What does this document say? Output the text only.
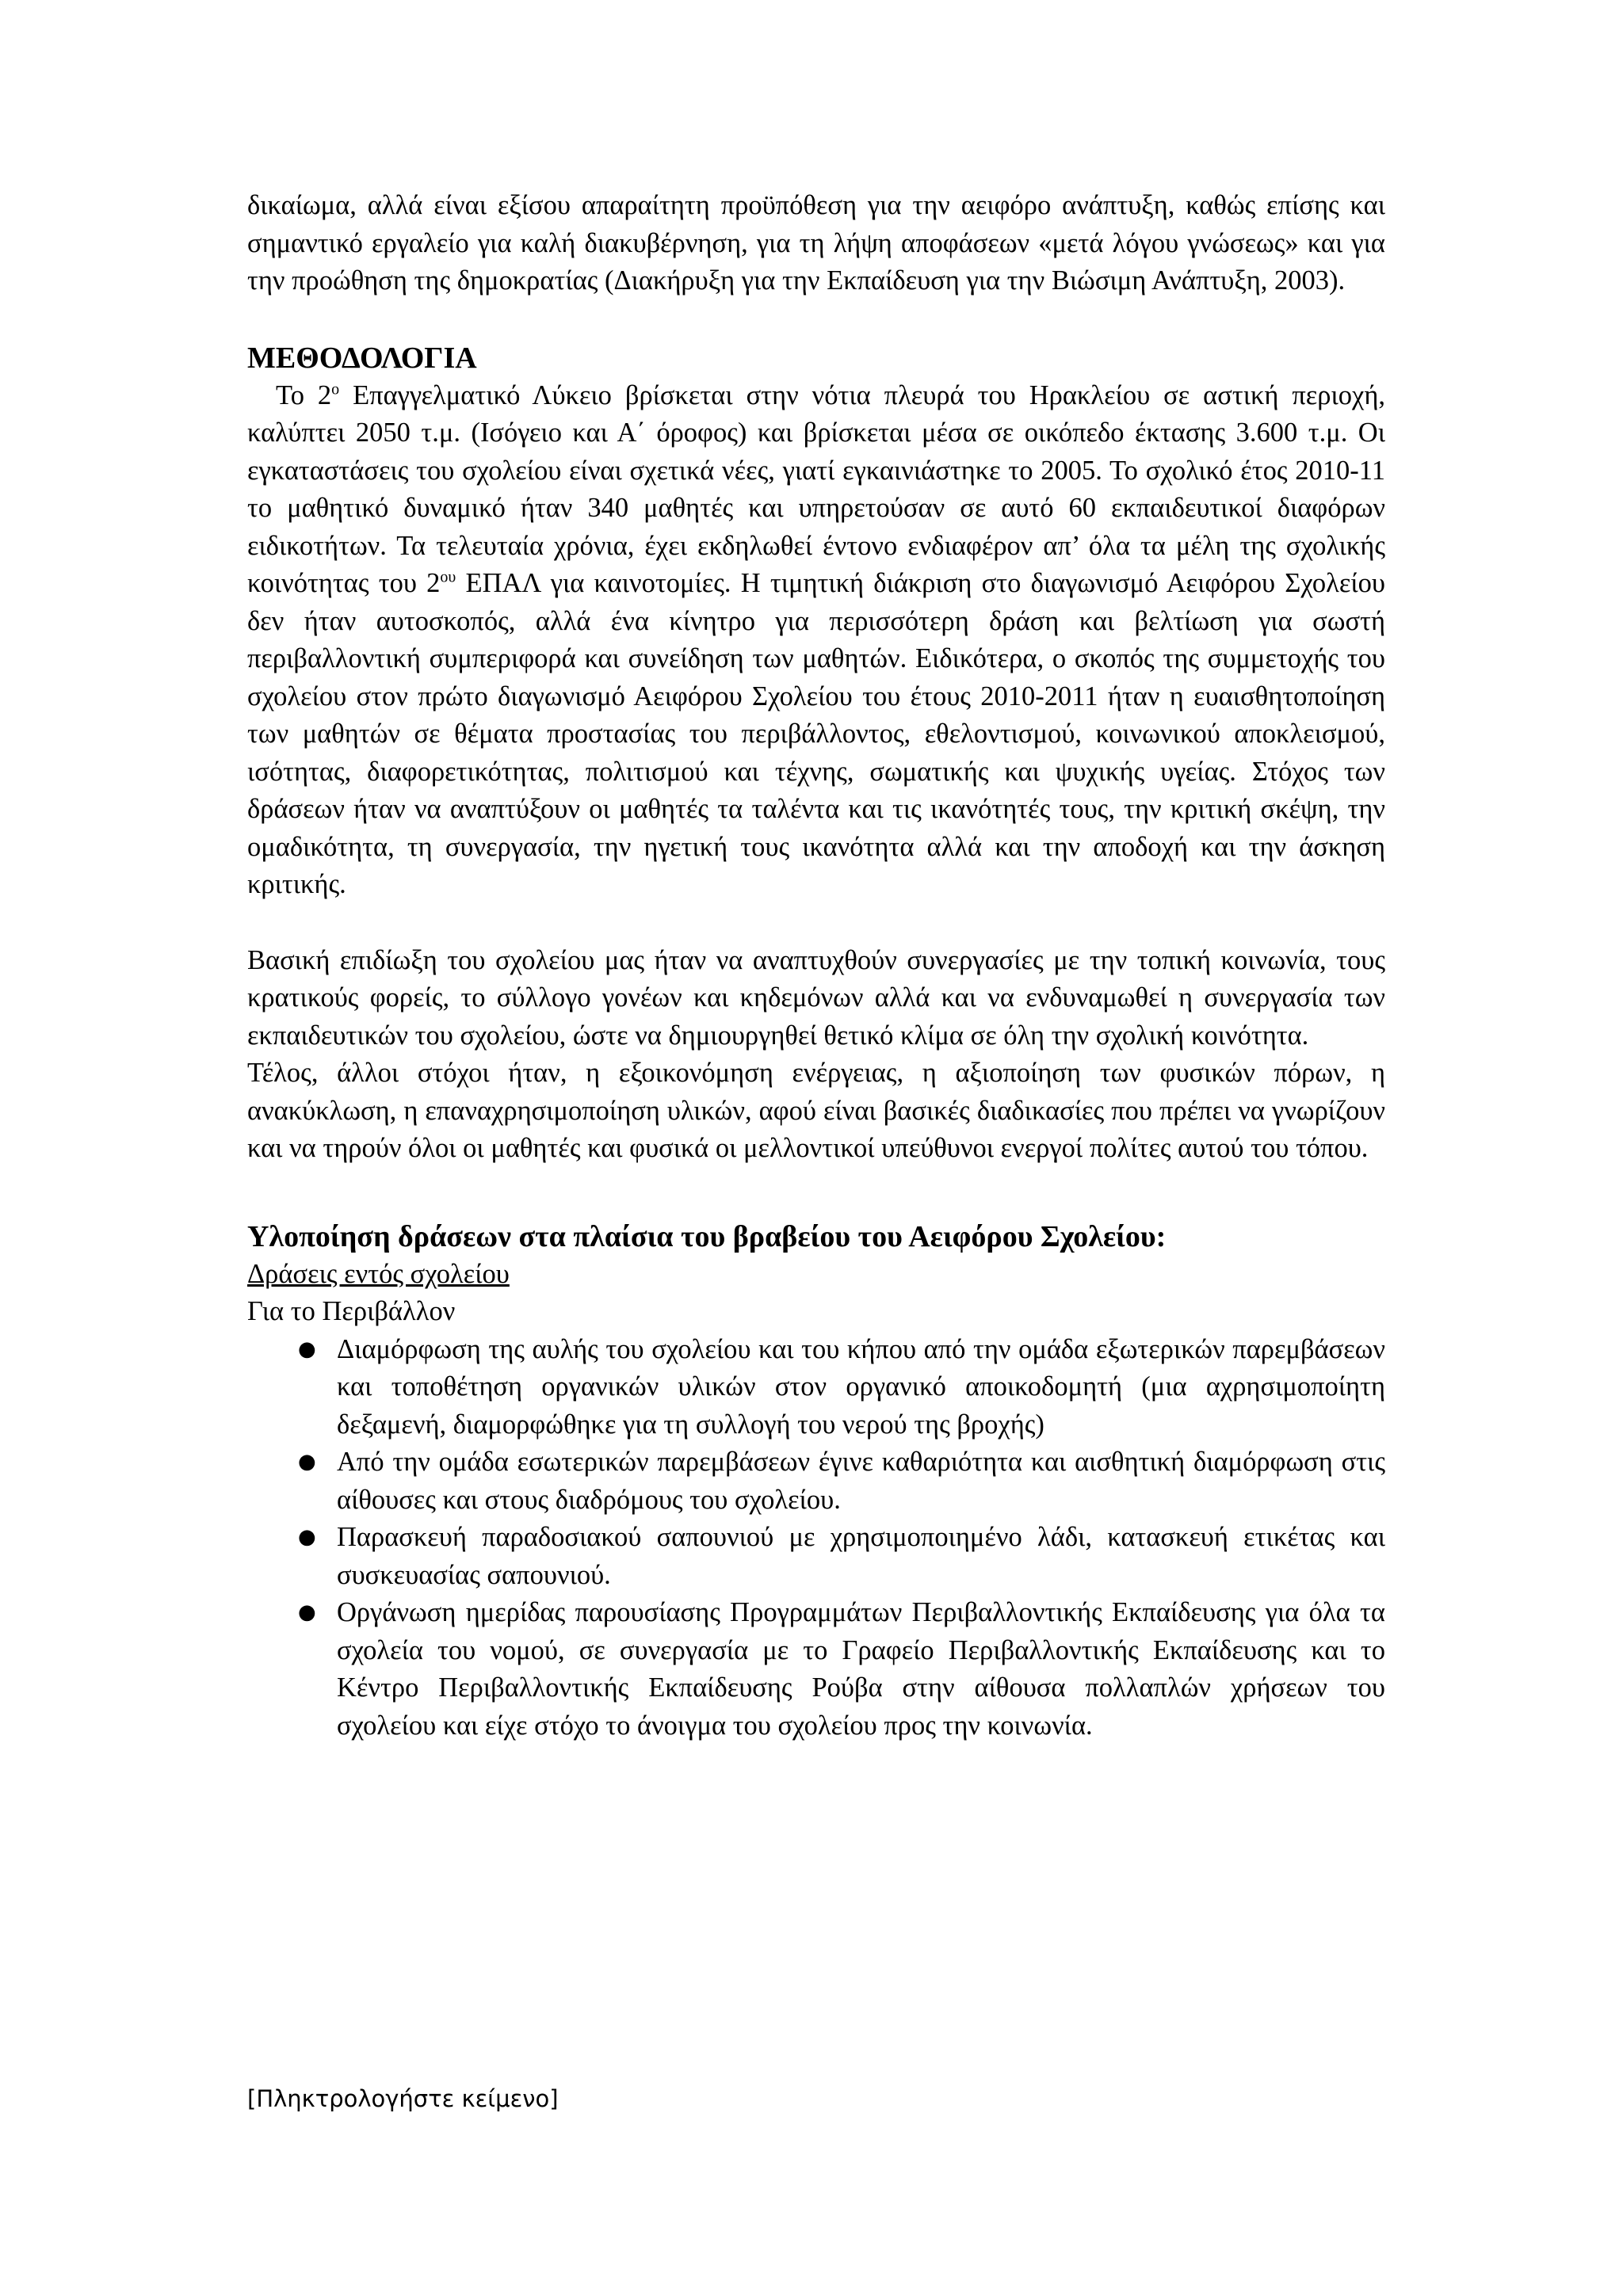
δικαίωμα, αλλά είναι εξίσου απαραίτητη προϋπόθεση για την αειφόρο ανάπτυξη, καθώς επίσης και σημαντικό εργαλείο για καλή διακυβέρνηση, για τη λήψη αποφάσεων «μετά λόγου γνώσεως» και για την προώθηση της δημοκρατίας (Διακήρυξη για την Εκπαίδευση για την Βιώσιμη Ανάπτυξη, 2003).

ΜΕΘΟΔΟΛΟΓΙΑ

Το $2^o$ Επαγγελματικό Λύκειο βρίσκεται στην νότια πλευρά του Ηρακλείου σε αστική περιοχή, καλύπτει 2050 τ.μ. (Ισόγειο και Α΄ όροφος) και βρίσκεται μέσα σε οικόπεδο έκτασης 3.600 τ.μ. Οι εγκαταστάσεις του σχολείου είναι σχετικά νέες, γιατί εγκαινιάστηκε το 2005. Το σχολικό έτος 2010-11 το μαθητικό δυναμικό ήταν 340 μαθητές και υπηρετούσαν σε αυτό 60 εκπαιδευτικοί διαφόρων ειδικοτήτων. Τα τελευταία χρόνια, έχει εκδηλωθεί έντονο ενδιαφέρον απ’ όλα τα μέλη της σχολικής κοινότητας του $2^{o\upsilon}$ ΕΠΑΛ για καινοτομίες. Η τιμητική διάκριση στο διαγωνισμό Αειφόρου Σχολείου δεν ήταν αυτοσκοπός, αλλά ένα κίνητρο για περισσότερη δράση και βελτίωση για σωστή περιβαλλοντική συμπεριφορά και συνείδηση των μαθητών. Ειδικότερα, ο σκοπός της συμμετοχής του σχολείου στον πρώτο διαγωνισμό Αειφόρου Σχολείου του έτους 2010-2011 ήταν η ευαισθητοποίηση των μαθητών σε θέματα προστασίας του περιβάλλοντος, εθελοντισμού, κοινωνικού αποκλεισμού, ισότητας, διαφορετικότητας, πολιτισμού και τέχνης, σωματικής και ψυχικής υγείας. Στόχος των δράσεων ήταν να αναπτύξουν οι μαθητές τα ταλέντα και τις ικανότητές τους, την κριτική σκέψη, την ομαδικότητα, τη συνεργασία, την ηγετική τους ικανότητα αλλά και την αποδοχή και την άσκηση κριτικής.

Βασική επιδίωξη του σχολείου μας ήταν να αναπτυχθούν συνεργασίες με την τοπική κοινωνία, τους κρατικούς φορείς, το σύλλογο γονέων και κηδεμόνων αλλά και να ενδυναμωθεί η συνεργασία των εκπαιδευτικών του σχολείου, ώστε να δημιουργηθεί θετικό κλίμα σε όλη την σχολική κοινότητα.

Τέλος, άλλοι στόχοι ήταν, η εξοικονόμηση ενέργειας, η αξιοποίηση των φυσικών πόρων, η ανακύκλωση, η επαναχρησιμοποίηση υλικών, αφού είναι βασικές διαδικασίες που πρέπει να γνωρίζουν και να τηρούν όλοι οι μαθητές και φυσικά οι μελλοντικοί υπεύθυνοι ενεργοί πολίτες αυτού του τόπου.

Υλοποίηση δράσεων στα πλαίσια του βραβείου του Αειφόρου Σχολείου:
Δράσεις εντός σχολείου
Για το Περιβάλλον
● Διαμόρφωση της αυλής του σχολείου και του κήπου από την ομάδα εξωτερικών παρεμβάσεων και τοποθέτηση οργανικών υλικών στον οργανικό αποικοδομητή (μια αχρησιμοποίητη δεξαμενή, διαμορφώθηκε για τη συλλογή του νερού της βροχής)
● Από την ομάδα εσωτερικών παρεμβάσεων έγινε καθαριότητα και αισθητική διαμόρφωση στις αίθουσες και στους διαδρόμους του σχολείου.
● Παρασκευή παραδοσιακού σαπουνιού με χρησιμοποιημένο λάδι, κατασκευή ετικέτας και συσκευασίας σαπουνιού.
● Οργάνωση ημερίδας παρουσίασης Προγραμμάτων Περιβαλλοντικής Εκπαίδευσης για όλα τα σχολεία του νομού, σε συνεργασία με το Γραφείο Περιβαλλοντικής Εκπαίδευσης και το Κέντρο Περιβαλλοντικής Εκπαίδευσης Ρούβα στην αίθουσα πολλαπλών χρήσεων του σχολείου και είχε στόχο το άνοιγμα του σχολείου προς την κοινωνία.
[Πληκτρολογήστε κείμενο]
